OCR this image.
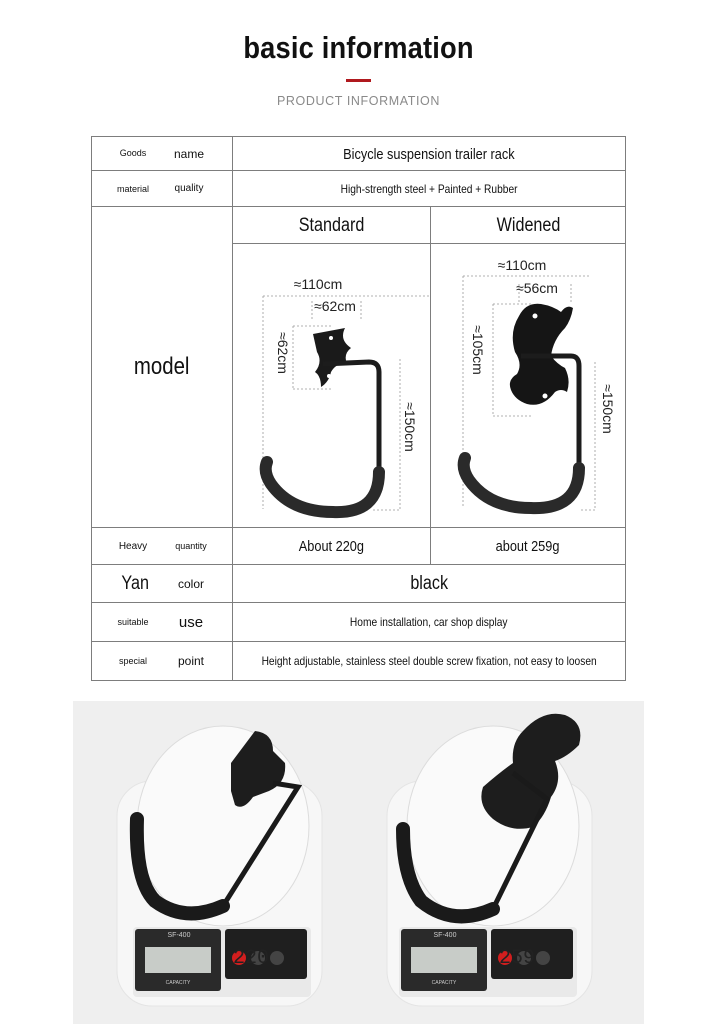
basic information
PRODUCT INFORMATION
Goods	name	Bicycle suspension trailer rack
material	quality	High-strength steel + Painted + Rubber
model
Standard	Widened
≈110cm
≈62cm
≈62cm
≈150cm
≈110cm
≈56cm
≈105cm
≈150cm
Heavy	quantity	About 220g	about 259g
Yan	color	black
suitable	use	Home installation, car shop display
special	point	Height adjustable, stainless steel double screw fixation, not easy to loosen
SF-400
220
CAPACITY
SF-400
259
CAPACITY
